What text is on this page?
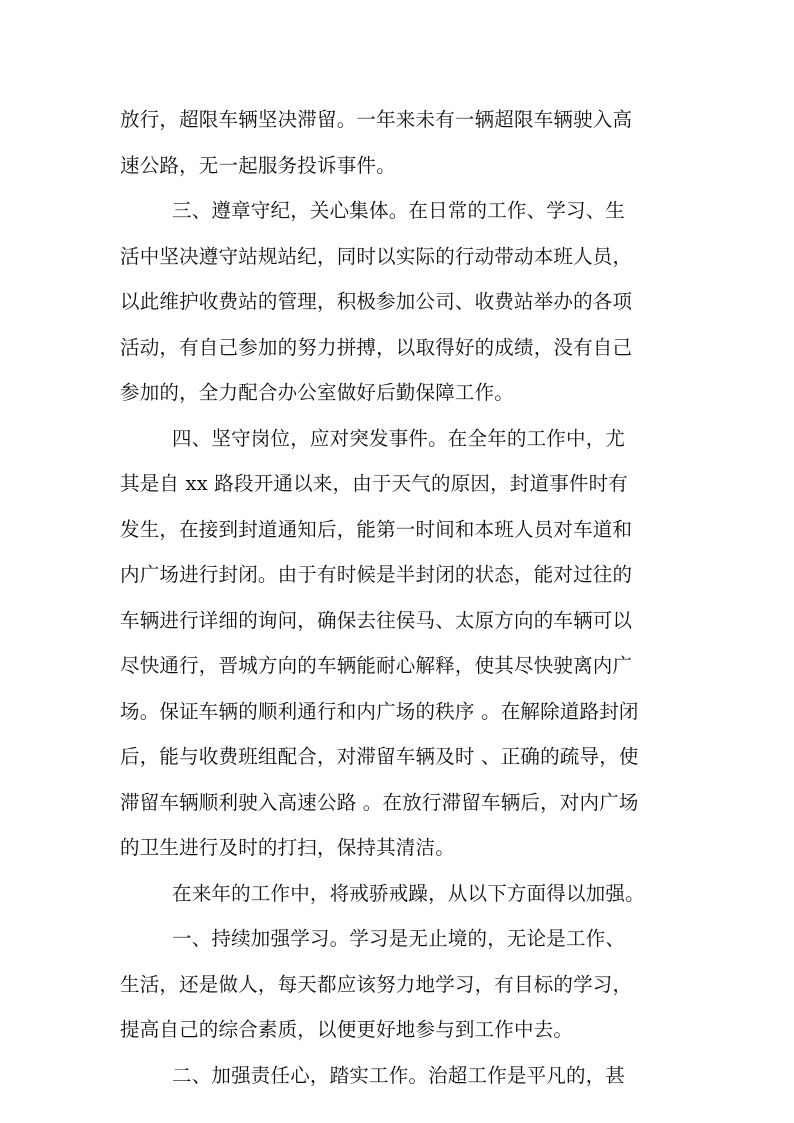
放行，超限车辆坚决滞留。一年来未有一辆超限车辆驶入高
速公路，无一起服务投诉事件。
三、遵章守纪，关心集体。在日常的工作、学习、生
活中坚决遵守站规站纪，同时以实际的行动带动本班人员，
以此维护收费站的管理，积极参加公司、收费站举办的各项
活动，有自己参加的努力拼搏，以取得好的成绩，没有自己
参加的，全力配合办公室做好后勤保障工作。
四、坚守岗位，应对突发事件。在全年的工作中，尤
其是自 xx 路段开通以来，由于天气的原因，封道事件时有
发生，在接到封道通知后，能第一时间和本班人员对车道和
内广场进行封闭。由于有时候是半封闭的状态，能对过往的
车辆进行详细的询问，确保去往侯马、太原方向的车辆可以
尽快通行，晋城方向的车辆能耐心解释，使其尽快驶离内广
场。保证车辆的顺利通行和内广场的秩序 。在解除道路封闭
后，能与收费班组配合，对滞留车辆及时 、正确的疏导，使
滞留车辆顺利驶入高速公路 。在放行滞留车辆后，对内广场
的卫生进行及时的打扫，保持其清洁。
在来年的工作中，将戒骄戒躁，从以下方面得以加强。
一、持续加强学习。学习是无止境的，无论是工作、
生活，还是做人，每天都应该努力地学习，有目标的学习，
提高自己的综合素质，以便更好地参与到工作中去。
二、加强责任心，踏实工作。治超工作是平凡的，甚
